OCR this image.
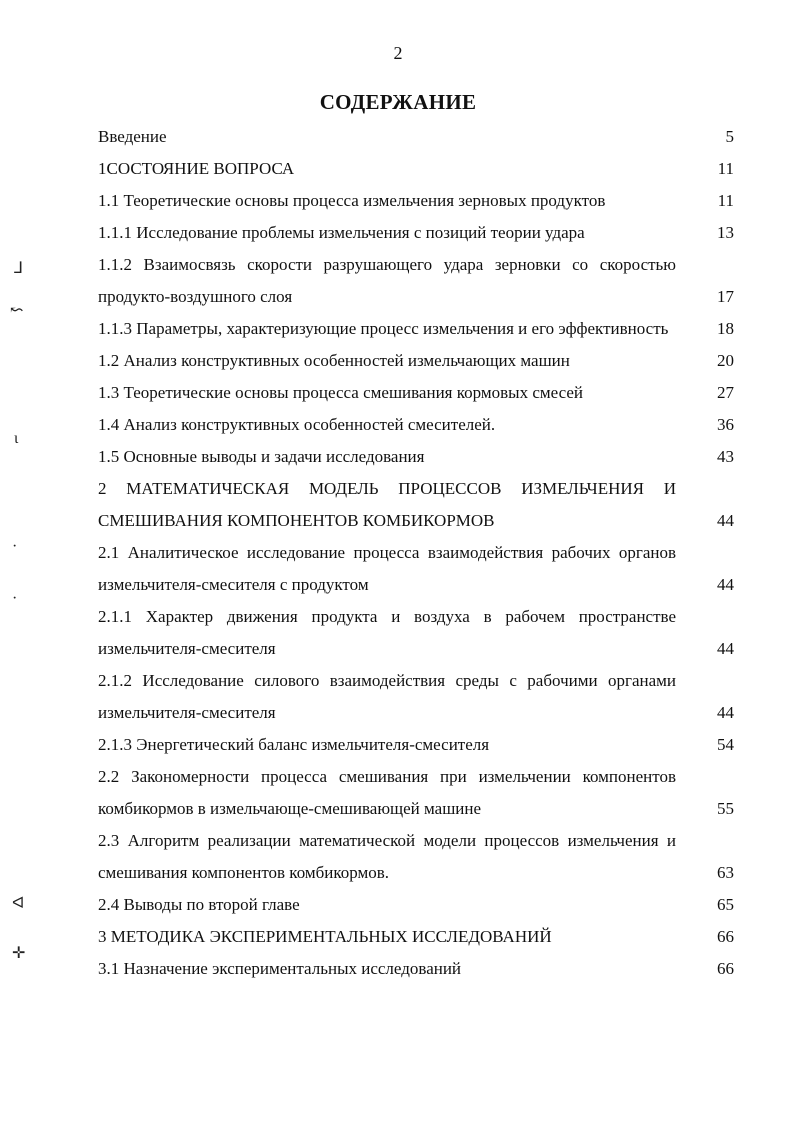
2
СОДЕРЖАНИЕ
Введение	5
1СОСТОЯНИЕ ВОПРОСА	11
1.1 Теоретические основы процесса измельчения зерновых продуктов	11
1.1.1 Исследование проблемы измельчения с позиций теории удара	13
1.1.2 Взаимосвязь скорости разрушающего удара зерновки со скоростью продукто-воздушного слоя	17
1.1.3 Параметры, характеризующие процесс измельчения и его эффективность	18
1.2 Анализ конструктивных особенностей измельчающих машин	20
1.3 Теоретические основы процесса смешивания кормовых смесей	27
1.4 Анализ конструктивных особенностей смесителей.	36
1.5 Основные выводы и задачи исследования	43
2 МАТЕМАТИЧЕСКАЯ МОДЕЛЬ ПРОЦЕССОВ ИЗМЕЛЬЧЕНИЯ И СМЕШИВАНИЯ КОМПОНЕНТОВ КОМБИКОРМОВ	44
2.1 Аналитическое исследование процесса взаимодействия рабочих органов измельчителя-смесителя с продуктом	44
2.1.1 Характер движения продукта и воздуха в рабочем пространстве измельчителя-смесителя	44
2.1.2 Исследование силового взаимодействия среды с рабочими органами измельчителя-смесителя	44
2.1.3 Энергетический баланс измельчителя-смесителя	54
2.2 Закономерности процесса смешивания при измельчении компонентов комбикормов в измельчающе-смешивающей машине	55
2.3 Алгоритм реализации математической модели процессов измельчения и смешивания компонентов комбикормов.	63
2.4 Выводы по второй главе	65
3 МЕТОДИКА ЭКСПЕРИМЕНТАЛЬНЫХ ИССЛЕДОВАНИЙ	66
3.1 Назначение экспериментальных исследований	66
⅃
↜
ɩ
·
·
ᐊ
✛
